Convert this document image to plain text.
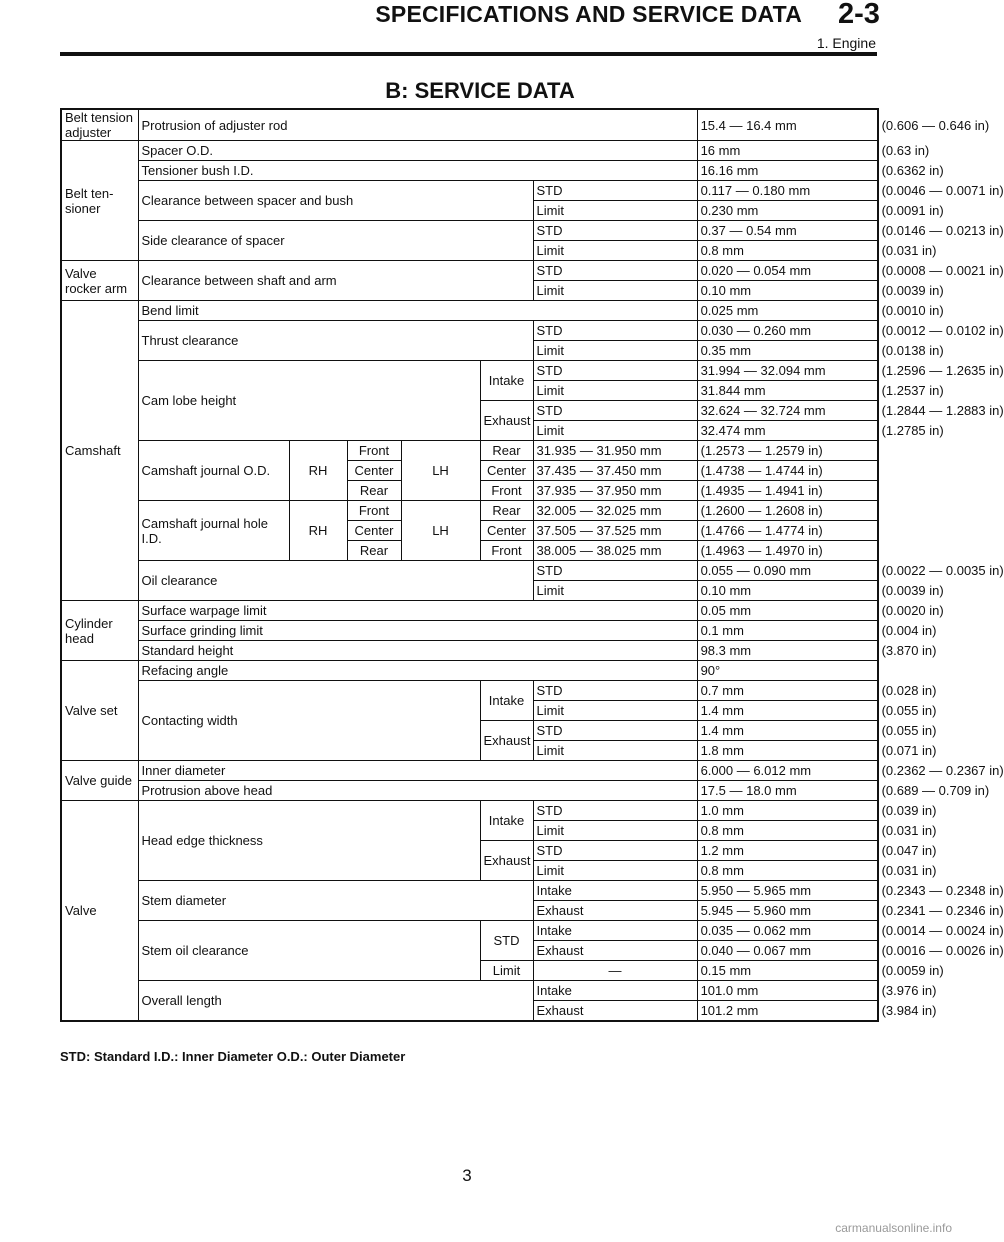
SPECIFICATIONS AND SERVICE DATA 2-3
1. Engine
B: SERVICE DATA
Belt tension adjuster	Protrusion of adjuster rod						15.4 — 16.4 mm	(0.606 — 0.646 in)
Belt ten- sioner	Spacer O.D.						16 mm	(0.63 in)
	Tensioner bush I.D.						16.16 mm	(0.6362 in)
	Clearance between spacer and bush					STD	0.117 — 0.180 mm	(0.0046 — 0.0071 in)
						Limit	0.230 mm	(0.0091 in)
	Side clearance of spacer					STD	0.37 — 0.54 mm	(0.0146 — 0.0213 in)
						Limit	0.8 mm	(0.031 in)
Valve rocker arm	Clearance between shaft and arm					STD	0.020 — 0.054 mm	(0.0008 — 0.0021 in)
						Limit	0.10 mm	(0.0039 in)
Camshaft	Bend limit						0.025 mm	(0.0010 in)
	Thrust clearance					STD	0.030 — 0.260 mm	(0.0012 — 0.0102 in)
						Limit	0.35 mm	(0.0138 in)
	Cam lobe height				Intake	STD	31.994 — 32.094 mm	(1.2596 — 1.2635 in)
						Limit	31.844 mm	(1.2537 in)
					Exhaust	STD	32.624 — 32.724 mm	(1.2844 — 1.2883 in)
						Limit	32.474 mm	(1.2785 in)
	Camshaft journal O.D.	RH	Front	LH	Rear	31.935 — 31.950 mm	(1.2573 — 1.2579 in)	
			Center		Center	37.435 — 37.450 mm	(1.4738 — 1.4744 in)	
			Rear		Front	37.935 — 37.950 mm	(1.4935 — 1.4941 in)	
	Camshaft journal hole I.D.	RH	Front	LH	Rear	32.005 — 32.025 mm	(1.2600 — 1.2608 in)	
			Center		Center	37.505 — 37.525 mm	(1.4766 — 1.4774 in)	
			Rear		Front	38.005 — 38.025 mm	(1.4963 — 1.4970 in)	
	Oil clearance					STD	0.055 — 0.090 mm	(0.0022 — 0.0035 in)
						Limit	0.10 mm	(0.0039 in)
Cylinder head	Surface warpage limit						0.05 mm	(0.0020 in)
	Surface grinding limit						0.1 mm	(0.004 in)
	Standard height						98.3 mm	(3.870 in)
Valve set	Refacing angle						90°	
	Contacting width				Intake	STD	0.7 mm	(0.028 in)
						Limit	1.4 mm	(0.055 in)
					Exhaust	STD	1.4 mm	(0.055 in)
						Limit	1.8 mm	(0.071 in)
Valve guide	Inner diameter						6.000 — 6.012 mm	(0.2362 — 0.2367 in)
	Protrusion above head						17.5 — 18.0 mm	(0.689 — 0.709 in)
Valve	Head edge thickness				Intake	STD	1.0 mm	(0.039 in)
						Limit	0.8 mm	(0.031 in)
					Exhaust	STD	1.2 mm	(0.047 in)
						Limit	0.8 mm	(0.031 in)
	Stem diameter					Intake	5.950 — 5.965 mm	(0.2343 — 0.2348 in)
						Exhaust	5.945 — 5.960 mm	(0.2341 — 0.2346 in)
	Stem oil clearance				STD	Intake	0.035 — 0.062 mm	(0.0014 — 0.0024 in)
						Exhaust	0.040 — 0.067 mm	(0.0016 — 0.0026 in)
					Limit	—	0.15 mm	(0.0059 in)
	Overall length					Intake	101.0 mm	(3.976 in)
						Exhaust	101.2 mm	(3.984 in)
STD: Standard I.D.: Inner Diameter O.D.: Outer Diameter
3
carmanualsonline.info
